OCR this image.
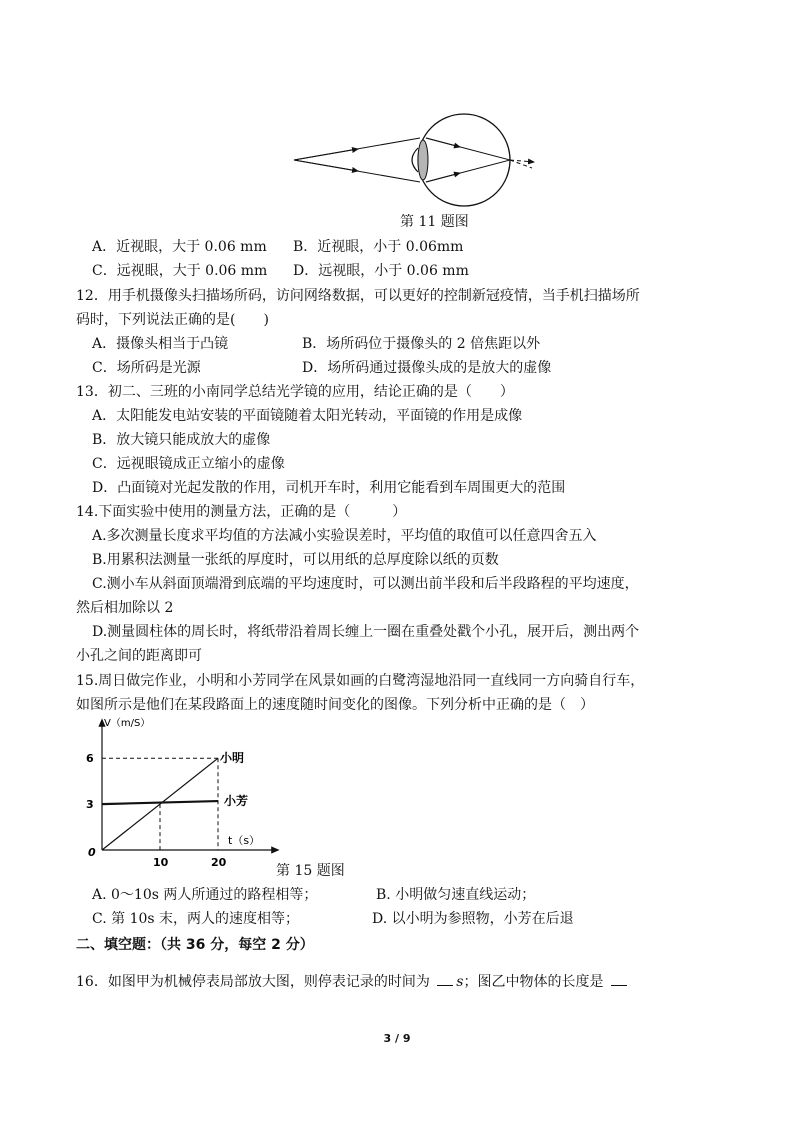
第 11 题图
A．近视眼，大于 0.06 mm B．近视眼，小于 0.06mm
C．远视眼，大于 0.06 mm D．远视眼，小于 0.06 mm
12．用手机摄像头扫描场所码，访问网络数据，可以更好的控制新冠疫情，当手机扫描场所
码时，下列说法正确的是(　　)
A．摄像头相当于凸镜	B．场所码位于摄像头的 2 倍焦距以外
C．场所码是光源	D．场所码通过摄像头成的是放大的虚像
13．初二、三班的小南同学总结光学镜的应用，结论正确的是（　　）
A．太阳能发电站安装的平面镜随着太阳光转动，平面镜的作用是成像
B．放大镜只能成放大的虚像
C．远视眼镜成正立缩小的虚像
D．凸面镜对光起发散的作用，司机开车时，利用它能看到车周围更大的范围
14.下面实验中使用的测量方法，正确的是（　　　）
A.多次测量长度求平均值的方法减小实验误差时，平均值的取值可以任意四舍五入
B.用累积法测量一张纸的厚度时，可以用纸的总厚度除以纸的页数
C.测小车从斜面顶端滑到底端的平均速度时，可以测出前半段和后半段路程的平均速度，
然后相加除以 2
D.测量圆柱体的周长时，将纸带沿着周长缠上一圈在重叠处戳个小孔，展开后，测出两个
小孔之间的距离即可
15.周日做完作业，小明和小芳同学在风景如画的白鹭湾湿地沿同一直线同一方向骑自行车，
如图所示是他们在某段路面上的速度随时间变化的图像。下列分析中正确的是（　）
V（m/S）
t（s）
0
3
6
10	20
小明
小芳
第 15 题图
A. 0～10s 两人所通过的路程相等；	B. 小明做匀速直线运动；
C. 第 10s 末，两人的速度相等；	D. 以小明为参照物，小芳在后退
二、填空题：（共 36 分，每空 2 分）
16．如图甲为机械停表局部放大图，则停表记录的时间为 s；图乙中物体的长度是
3 / 9
